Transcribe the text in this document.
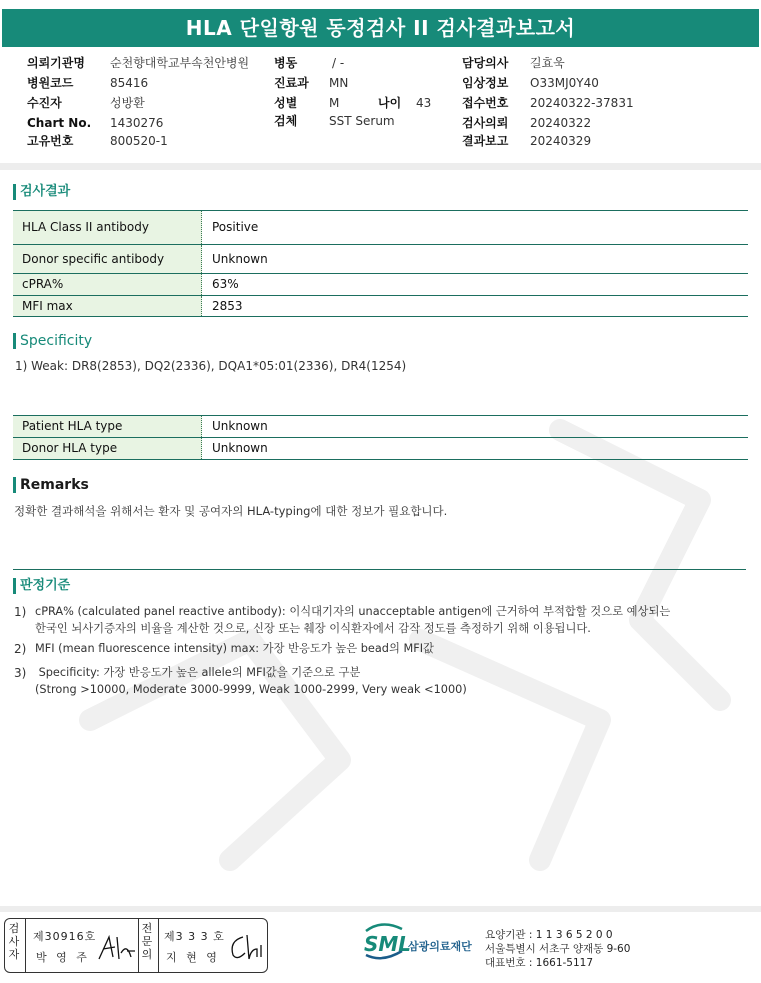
HLA 단일항원 동정검사 II 검사결과보고서
의뢰기관명 순천향대학교부속천안병원
병원코드	85416
수진자	성방환
Chart No. 1430276
고유번호	800520-1
병동	/ -
진료과 MN
성별	M	나이 43
검체	SST Serum
담당의사 길효욱
임상정보 O33MJ0Y40
접수번호 20240322-37831
검사의뢰 20240322
결과보고 20240329
검사결과
HLA Class II antibody	Positive
Donor specific antibody	Unknown
cPRA%	63%
MFI max	2853
Specificity
1) Weak: DR8(2853), DQ2(2336), DQA1*05:01(2336), DR4(1254)
Patient HLA type	Unknown
Donor HLA type	Unknown
Remarks
정확한 결과해석을 위해서는 환자 및 공여자의 HLA-typing에 대한 정보가 필요합니다.
판정기준
1) cPRA% (calculated panel reactive antibody): 이식대기자의 unacceptable antigen에 근거하여 부적합할 것으로 예상되는
한국인 뇌사기증자의 비율을 계산한 것으로, 신장 또는 췌장 이식환자에서 감작 정도를 측정하기 위해 이용됩니다.
2) MFI (mean fluorescence intensity) max: 가장 반응도가 높은 bead의 MFI값
3) Specificity: 가장 반응도가 높은 allele의 MFI값을 기준으로 구분
(Strong >10000, Moderate 3000-9999, Weak 1000-2999, Very weak <1000)
검사자
제30916호
박 영 주
전문의
제3 3 3 호
지 현 영
SML
삼광의료재단
요양기관 : 1 1 3 6 5 2 0 0
서울특별시 서초구 양재동 9-60
대표번호 : 1661-5117
